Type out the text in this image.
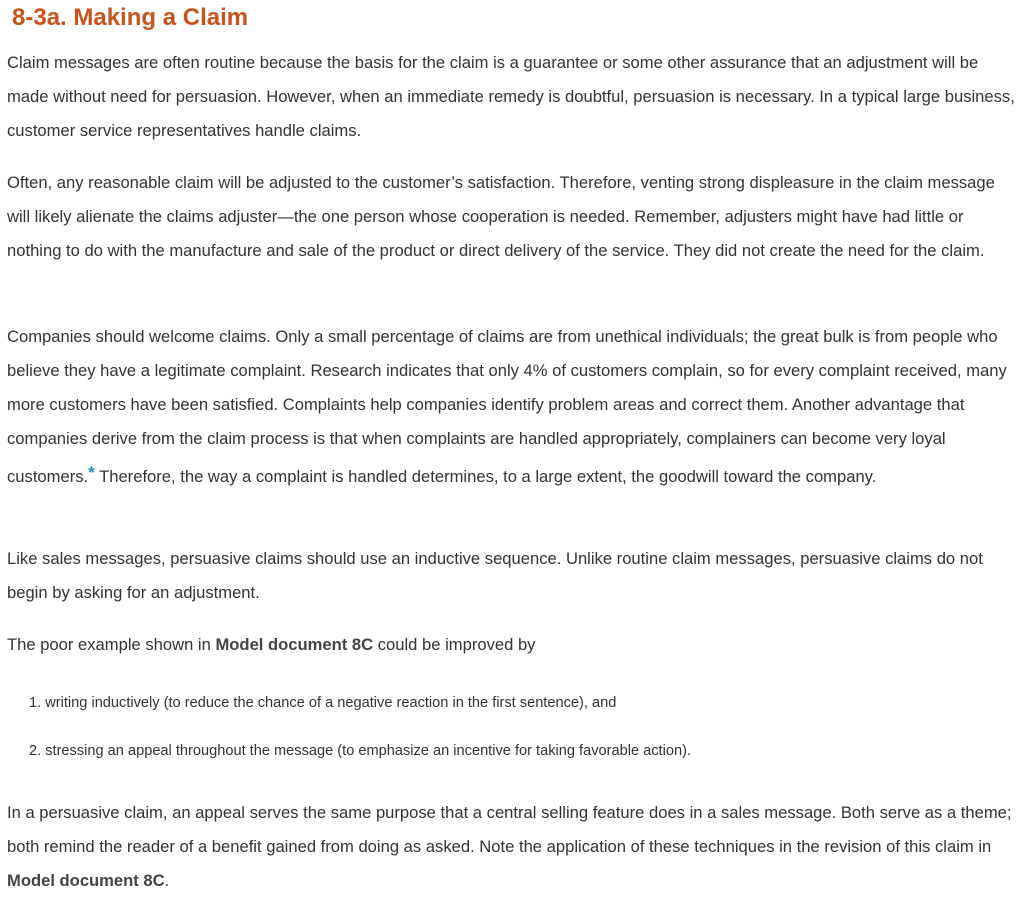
8-3a. Making a Claim

Claim messages are often routine because the basis for the claim is a guarantee or some other assurance that an adjustment will be made without need for persuasion. However, when an immediate remedy is doubtful, persuasion is necessary. In a typical large business, customer service representatives handle claims.

Often, any reasonable claim will be adjusted to the customer’s satisfaction. Therefore, venting strong displeasure in the claim message will likely alienate the claims adjuster—the one person whose cooperation is needed. Remember, adjusters might have had little or nothing to do with the manufacture and sale of the product or direct delivery of the service. They did not create the need for the claim.

Companies should welcome claims. Only a small percentage of claims are from unethical individuals; the great bulk is from people who believe they have a legitimate complaint. Research indicates that only 4% of customers complain, so for every complaint received, many more customers have been satisfied. Complaints help companies identify problem areas and correct them. Another advantage that companies derive from the claim process is that when complaints are handled appropriately, complainers can become very loyal customers.* Therefore, the way a complaint is handled determines, to a large extent, the goodwill toward the company.

Like sales messages, persuasive claims should use an inductive sequence. Unlike routine claim messages, persuasive claims do not begin by asking for an adjustment.

The poor example shown in Model document 8C could be improved by

1. writing inductively (to reduce the chance of a negative reaction in the first sentence), and
2. stressing an appeal throughout the message (to emphasize an incentive for taking favorable action).

In a persuasive claim, an appeal serves the same purpose that a central selling feature does in a sales message. Both serve as a theme; both remind the reader of a benefit gained from doing as asked. Note the application of these techniques in the revision of this claim in Model document 8C.
